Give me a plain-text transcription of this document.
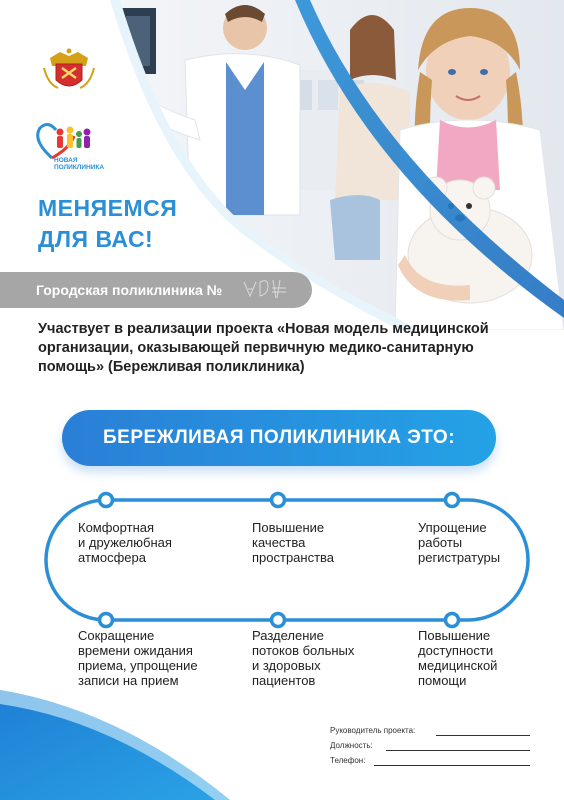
НОВАЯ
ПОЛИКЛИНИКА
МЕНЯЕМСЯ
ДЛЯ ВАС!
Городская поликлиника №
Участвует в реализации проекта «Новая модель медицинской организации, оказывающей первичную медико-санитарную помощь» (Бережливая поликлиника)
БЕРЕЖЛИВАЯ ПОЛИКЛИНИКА ЭТО:
Комфортная
и дружелюбная
атмосфера
Повышение
качества
пространства
Упрощение
работы
регистратуры
Сокращение
времени ожидания
приема, упрощение
записи на прием
Разделение
потоков больных
и здоровых
пациентов
Повышение
доступности
медицинской
помощи
Руководитель проекта:
Должность:
Телефон:
